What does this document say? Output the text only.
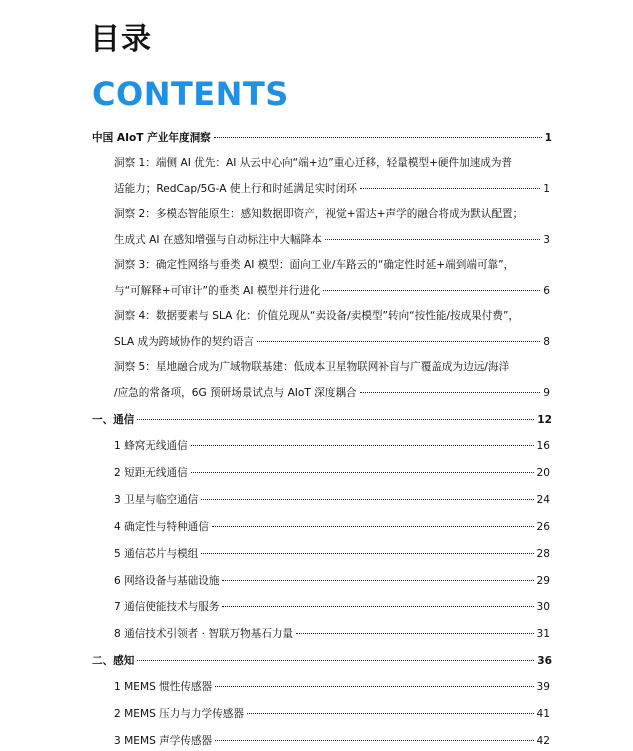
目录
CONTENTS
中国 AIoT 产业年度洞察	1
洞察 1：端侧 AI 优先：AI 从云中心向“端+边”重心迁移，轻量模型+硬件加速成为普
适能力；RedCap/5G-A 使上行和时延满足实时闭环	1
洞察 2：多模态智能原生：感知数据即资产，视觉+雷达+声学的融合将成为默认配置；
生成式 AI 在感知增强与自动标注中大幅降本	3
洞察 3：确定性网络与垂类 AI 模型：面向工业/车路云的“确定性时延+端到端可靠”，
与“可解释+可审计”的垂类 AI 模型并行进化	6
洞察 4：数据要素与 SLA 化：价值兑现从“卖设备/卖模型”转向“按性能/按成果付费”，
SLA 成为跨域协作的契约语言	8
洞察 5：星地融合成为广域物联基建：低成本卫星物联网补盲与广覆盖成为边远/海洋
/应急的常备项，6G 预研场景试点与 AIoT 深度耦合	9
一、通信	12
1 蜂窝无线通信	16
2 短距无线通信	20
3 卫星与临空通信	24
4 确定性与特种通信	26
5 通信芯片与模组	28
6 网络设备与基础设施	29
7 通信使能技术与服务	30
8 通信技术引领者 · 智联万物基石力量	31
二、感知	36
1 MEMS 惯性传感器	39
2 MEMS 压力与力学传感器	41
3 MEMS 声学传感器	42
